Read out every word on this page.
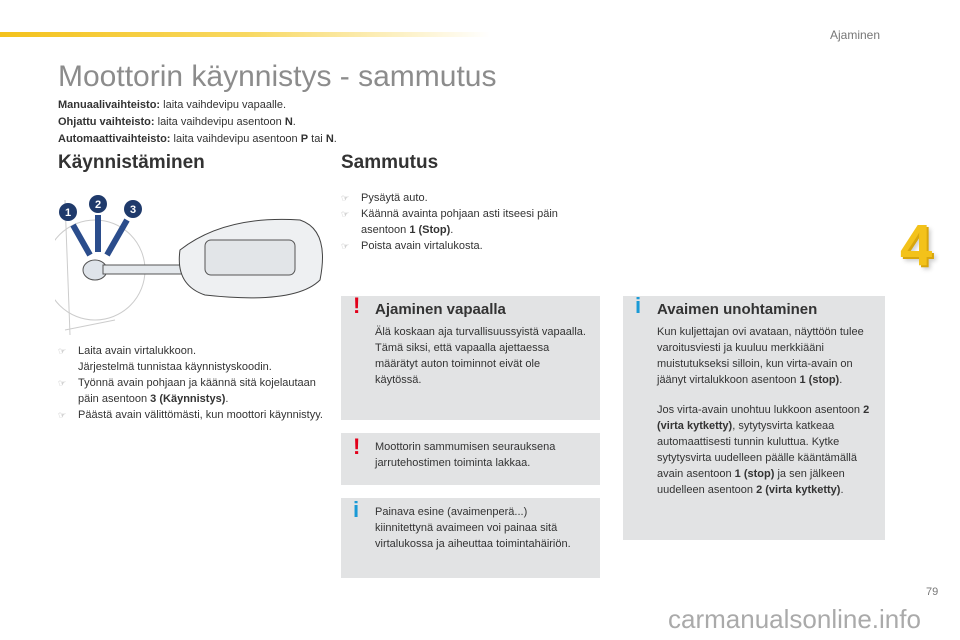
Ajaminen
4
Moottorin käynnistys - sammutus
Manuaalivaihteisto: laita vaihdevipu vapaalle.
Ohjattu vaihteisto: laita vaihdevipu asentoon N.
Automaattivaihteisto: laita vaihdevipu asentoon P tai N.
Käynnistäminen	Sammutus
1
2	3
☞ Laita avain virtalukkoon.
Järjestelmä tunnistaa käynnistyskoodin.
☞ Työnnä avain pohjaan ja käännä sitä kojelautaan päin asentoon 3 (Käynnistys).
☞ Päästä avain välittömästi, kun moottori käynnistyy.
☞ Pysäytä auto.
☞ Käännä avainta pohjaan asti itseesi päin asentoon 1 (Stop).
☞ Poista avain virtalukosta.
! Ajaminen vapaalla
Älä koskaan aja turvallisuussyistä vapaalla.
Tämä siksi, että vapaalla ajettaessa määrätyt auton toiminnot eivät ole käytössä.
! Moottorin sammumisen seurauksena jarrutehostimen toiminta lakkaa.
i Painava esine (avaimenperä...) kiinnitettynä avaimeen voi painaa sitä virtalukossa ja aiheuttaa toimintahäiriön.
i Avaimen unohtaminen
Kun kuljettajan ovi avataan, näyttöön tulee varoitusviesti ja kuuluu merkkiääni muistutukseksi silloin, kun virta-avain on jäänyt virtalukkoon asentoon 1 (stop).
Jos virta-avain unohtuu lukkoon asentoon 2 (virta kytketty), sytytysvirta katkeaa automaattisesti tunnin kuluttua. Kytke sytytysvirta uudelleen päälle kääntämällä avain asentoon 1 (stop) ja sen jälkeen uudelleen asentoon 2 (virta kytketty).
79
carmanualsonline.info
